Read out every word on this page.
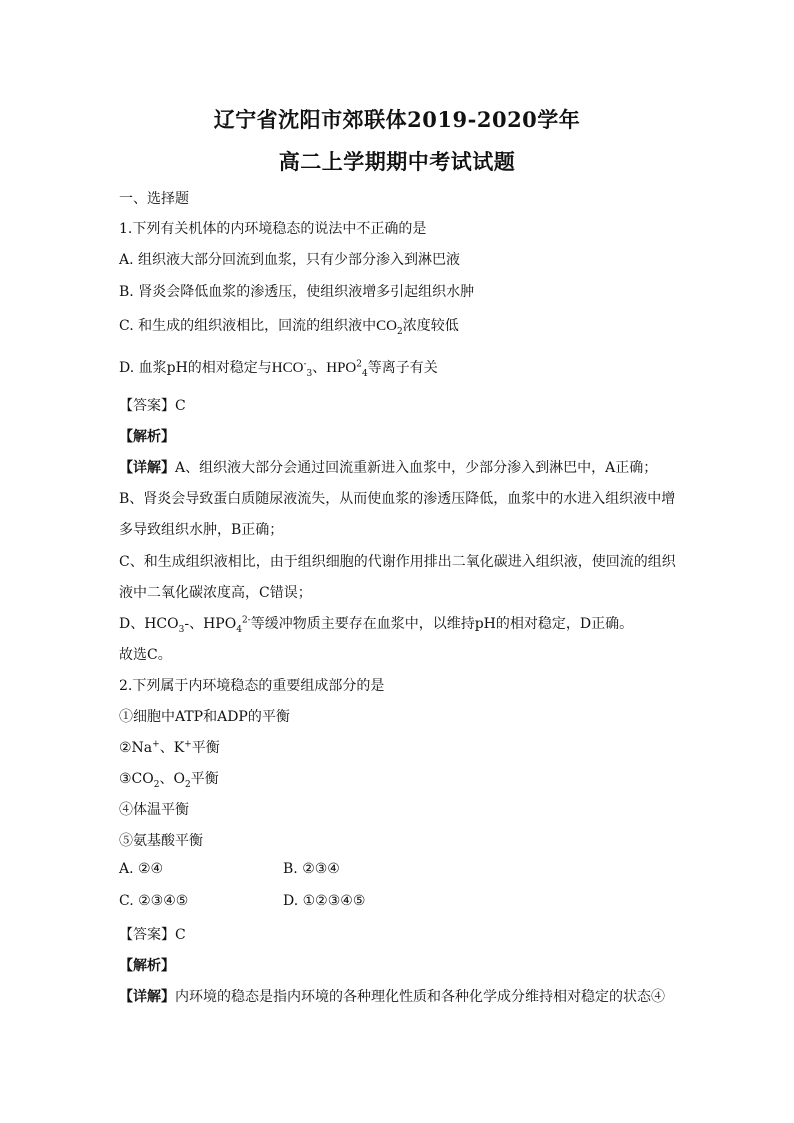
辽宁省沈阳市郊联体2019-2020学年
高二上学期期中考试试题
一、选择题
1.下列有关机体的内环境稳态的说法中不正确的是
A. 组织液大部分回流到血浆，只有少部分渗入到淋巴液
B. 肾炎会降低血浆的渗透压，使组织液增多引起组织水肿
C. 和生成的组织液相比，回流的组织液中$CO_2$浓度较低
D. 血浆pH的相对稳定与$HCO^-_3$、$HPO^2_4$等离子有关
【答案】C
【解析】
【详解】A、组织液大部分会通过回流重新进入血浆中，少部分渗入到淋巴中，A正确；
B、肾炎会导致蛋白质随尿液流失，从而使血浆的渗透压降低，血浆中的水进入组织液中增
多导致组织水肿，B正确；
C、和生成组织液相比，由于组织细胞的代谢作用排出二氧化碳进入组织液，使回流的组织
液中二氧化碳浓度高，C错误；
D、$HCO_3-$、$HPO_4^{2-}$等缓冲物质主要存在血浆中，以维持pH的相对稳定，D正确。
故选C。
2.下列属于内环境稳态的重要组成部分的是
①细胞中ATP和ADP的平衡
②Na+、K+平衡
$③CO_2$、$O_2$平衡
④体温平衡
⑤氨基酸平衡
A. ②④	B. ②③④
C. ②③④⑤	D. ①②③④⑤
【答案】C
【解析】
【详解】内环境的稳态是指内环境的各种理化性质和各种化学成分维持相对稳定的状态④
